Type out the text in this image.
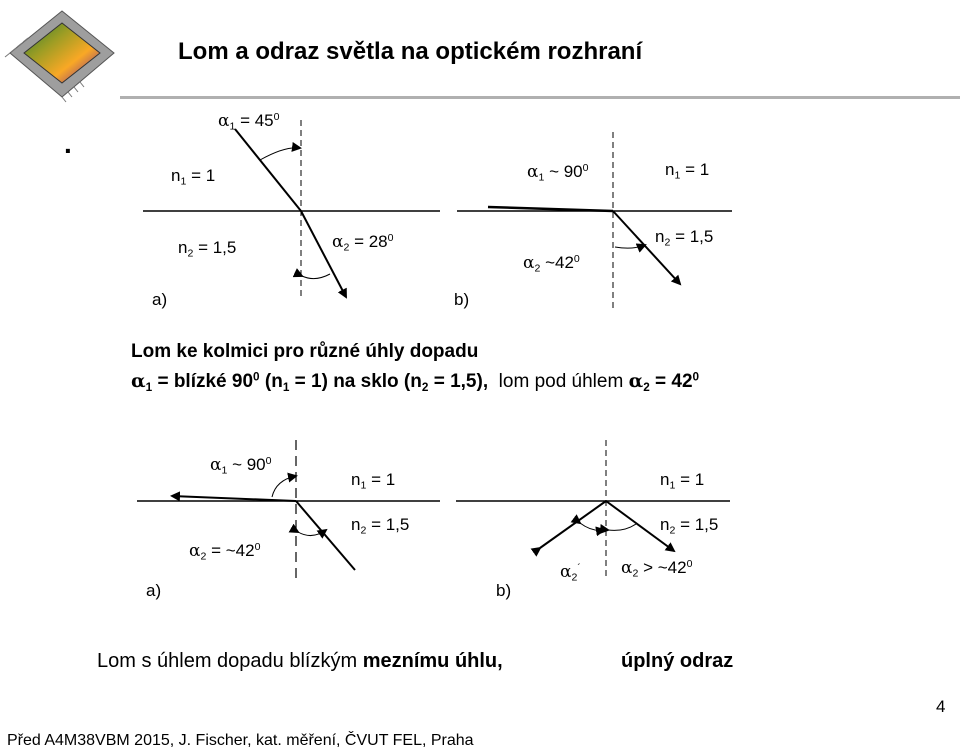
Lom a odraz světla na optickém rozhraní
.
$\alpha_1 = 45^0$
$n_1 = 1$
$n_2 = 1,5$	$\alpha_2 = 28^0$
a)
$\alpha_1$ ~ $90^0$	$n_1 = 1$
$n_2 = 1,5$
$\alpha_2$ $\sim 42^0$
b)
Lom ke kolmici pro různé úhly dopadu
$\alpha_1$ = blízké $90^0$ $(n_1 = 1)$ na sklo $(n_2 = 1,5)$, lom pod úhlem $\alpha_2 = 42^0$
$\alpha_1$ ~ $90^0$
$n_1 = 1$
$n_2 = 1,5$
$\alpha_2$ = $\sim 42^0$
a)
$n_1 = 1$
$n_2 = 1,5$
$\alpha_2^´$ $\alpha_2$ > $\sim 42^0$
b)
Lom s úhlem dopadu blízkým meznímu úhlu,	úplný odraz
4
Před A4M38VBM 2015, J. Fischer, kat. měření, ČVUT FEL, Praha
